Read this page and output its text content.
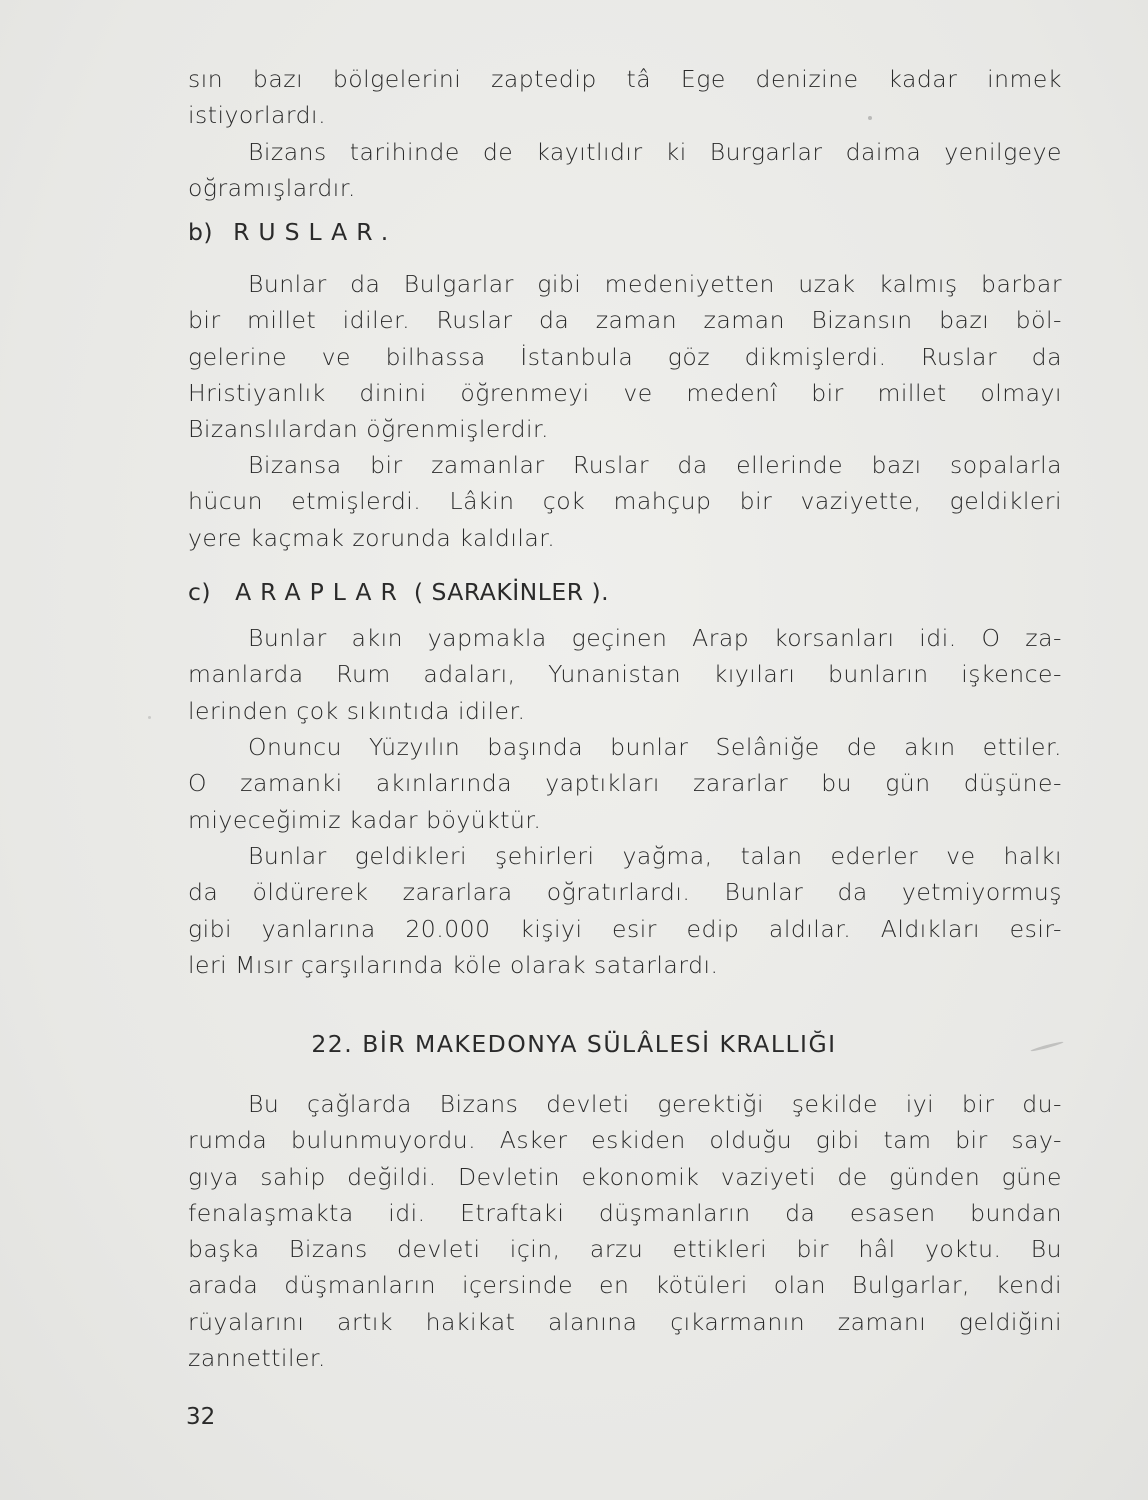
sın bazı bölgelerini zaptedip tâ Ege denizine kadar inmek
istiyorlardı.
Bizans tarihinde de kayıtlıdır ki Burgarlar daima yenilgeye
oğramışlardır.
b) RUSLAR.
Bunlar da Bulgarlar gibi medeniyetten uzak kalmış barbar
bir millet idiler. Ruslar da zaman zaman Bizansın bazı böl-
gelerine ve bilhassa İstanbula göz dikmişlerdi. Ruslar da
Hristiyanlık dinini öğrenmeyi ve medenî bir millet olmayı
Bizanslılardan öğrenmişlerdir.
Bizansa bir zamanlar Ruslar da ellerinde bazı sopalarla
hücun etmişlerdi. Lâkin çok mahçup bir vaziyette, geldikleri
yere kaçmak zorunda kaldılar.
c) ARAPLAR ( SARAKİNLER ).
Bunlar akın yapmakla geçinen Arap korsanları idi. O za-
manlarda Rum adaları, Yunanistan kıyıları bunların işkence-
lerinden çok sıkıntıda idiler.
Onuncu Yüzyılın başında bunlar Selâniğe de akın ettiler.
O zamanki akınlarında yaptıkları zararlar bu gün düşüne-
miyeceğimiz kadar böyüktür.
Bunlar geldikleri şehirleri yağma, talan ederler ve halkı
da öldürerek zararlara oğratırlardı. Bunlar da yetmiyormuş
gibi yanlarına 20.000 kişiyi esir edip aldılar. Aldıkları esir-
leri Mısır çarşılarında köle olarak satarlardı.
22. BİR MAKEDONYA SÜLÂLESİ KRALLIĞI
Bu çağlarda Bizans devleti gerektiği şekilde iyi bir du-
rumda bulunmuyordu. Asker eskiden olduğu gibi tam bir say-
gıya sahip değildi. Devletin ekonomik vaziyeti de günden güne
fenalaşmakta idi. Etraftaki düşmanların da esasen bundan
başka Bizans devleti için, arzu ettikleri bir hâl yoktu. Bu
arada düşmanların içersinde en kötüleri olan Bulgarlar, kendi
rüyalarını artık hakikat alanına çıkarmanın zamanı geldiğini
zannettiler.
32
